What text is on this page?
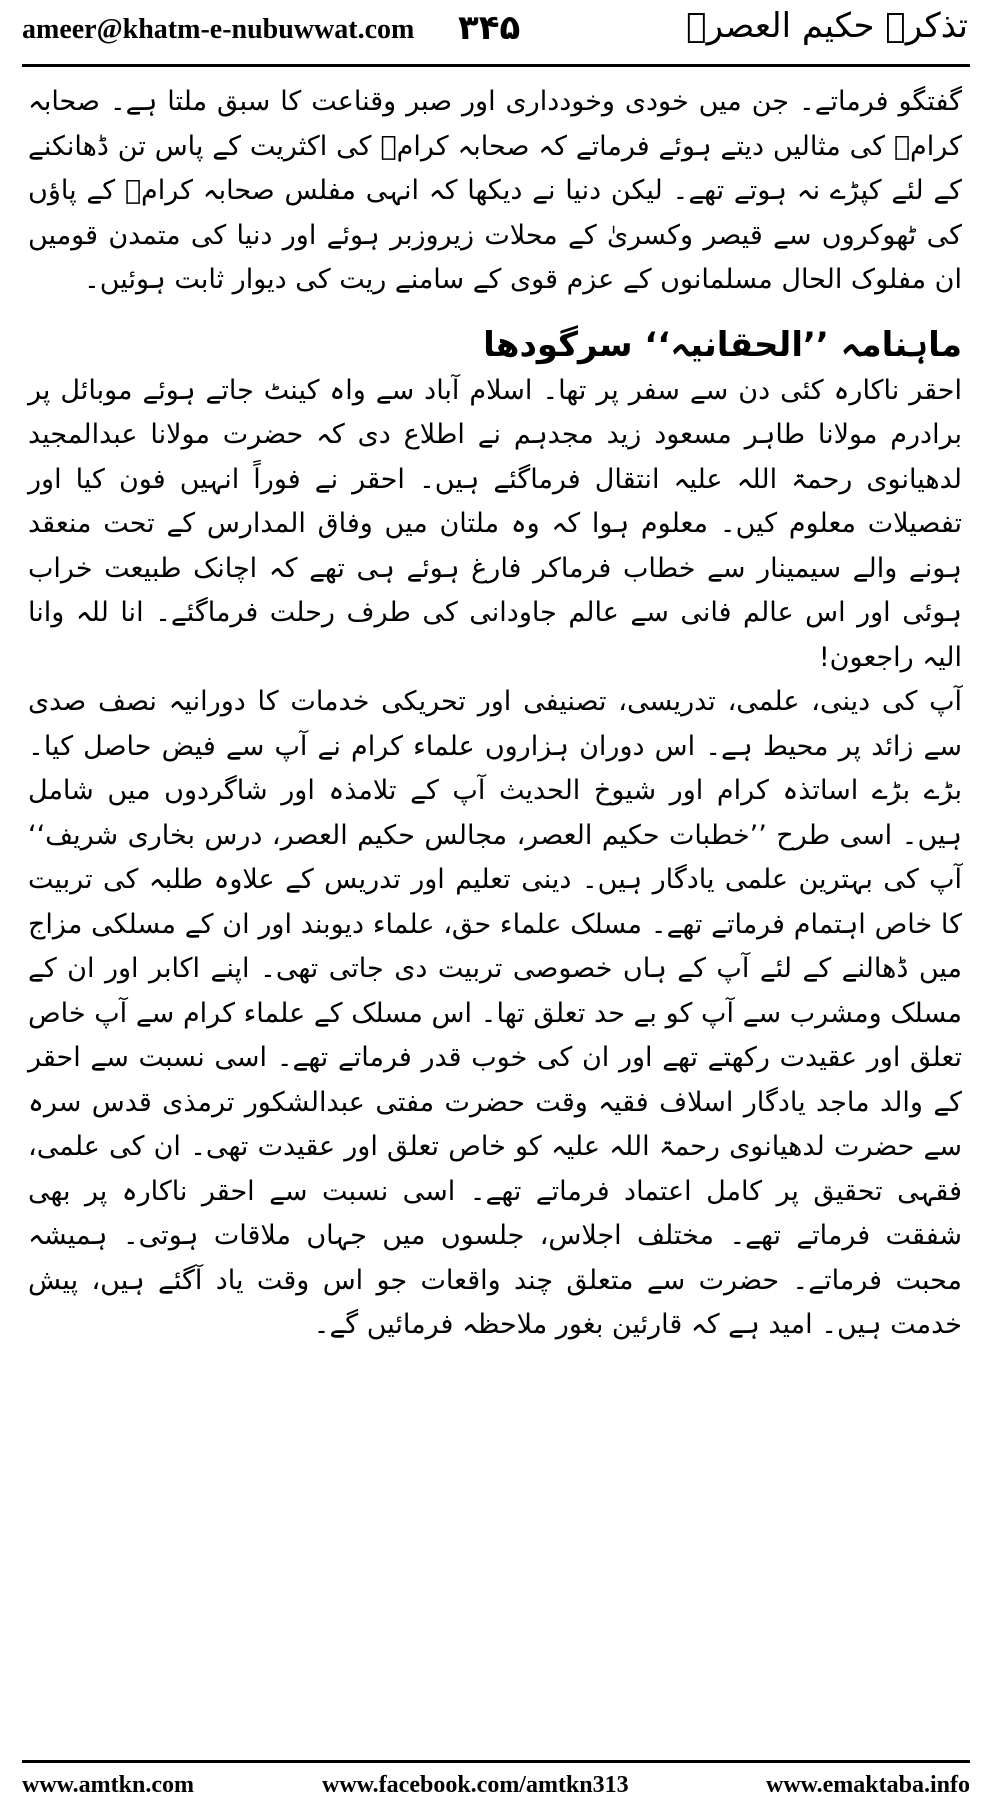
ameer@khatm-e-nubuwwat.com ۳۴۵	تذکرہ حکیم العصرؒ

گفتگو فرماتے۔ جن میں خودی وخودداری اور صبر وقناعت کا سبق ملتا ہے۔ صحابہ کرامؓ کی مثالیں دیتے ہوئے فرماتے کہ صحابہ کرامؓ کی اکثریت کے پاس تن ڈھانکنے کے لئے کپڑے نہ ہوتے تھے۔ لیکن دنیا نے دیکھا کہ انہی مفلس صحابہ کرامؓ کے پاؤں کی ٹھوکروں سے قیصر وکسریٰ کے محلات زیروزبر ہوئے اور دنیا کی متمدن قومیں ان مفلوک الحال مسلمانوں کے عزم قوی کے سامنے ریت کی دیوار ثابت ہوئیں۔

ماہنامہ ’’الحقانیہ‘‘ سرگودھا

احقر ناکارہ کئی دن سے سفر پر تھا۔ اسلام آباد سے واہ کینٹ جاتے ہوئے موبائل پر برادرم مولانا طاہر مسعود زید مجدہم نے اطلاع دی کہ حضرت مولانا عبدالمجید لدھیانوی رحمۃ اللہ علیہ انتقال فرماگئے ہیں۔ احقر نے فوراً انہیں فون کیا اور تفصیلات معلوم کیں۔ معلوم ہوا کہ وہ ملتان میں وفاق المدارس کے تحت منعقد ہونے والے سیمینار سے خطاب فرماکر فارغ ہوئے ہی تھے کہ اچانک طبیعت خراب ہوئی اور اس عالم فانی سے عالم جاودانی کی طرف رحلت فرماگئے۔ انا للہ وانا الیہ راجعون!

آپ کی دینی، علمی، تدریسی، تصنیفی اور تحریکی خدمات کا دورانیہ نصف صدی سے زائد پر محیط ہے۔ اس دوران ہزاروں علماء کرام نے آپ سے فیض حاصل کیا۔ بڑے بڑے اساتذہ کرام اور شیوخ الحدیث آپ کے تلامذہ اور شاگردوں میں شامل ہیں۔ اسی طرح ’’خطبات حکیم العصر، مجالس حکیم العصر، درس بخاری شریف‘‘ آپ کی بہترین علمی یادگار ہیں۔ دینی تعلیم اور تدریس کے علاوہ طلبہ کی تربیت کا خاص اہتمام فرماتے تھے۔ مسلک علماء حق، علماء دیوبند اور ان کے مسلکی مزاج میں ڈھالنے کے لئے آپ کے ہاں خصوصی تربیت دی جاتی تھی۔ اپنے اکابر اور ان کے مسلک ومشرب سے آپ کو بے حد تعلق تھا۔ اس مسلک کے علماء کرام سے آپ خاص تعلق اور عقیدت رکھتے تھے اور ان کی خوب قدر فرماتے تھے۔ اسی نسبت سے احقر کے والد ماجد یادگار اسلاف فقیہ وقت حضرت مفتی عبدالشکور ترمذی قدس سرہ سے حضرت لدھیانوی رحمۃ اللہ علیہ کو خاص تعلق اور عقیدت تھی۔ ان کی علمی، فقہی تحقیق پر کامل اعتماد فرماتے تھے۔ اسی نسبت سے احقر ناکارہ پر بھی شفقت فرماتے تھے۔ مختلف اجلاس، جلسوں میں جہاں ملاقات ہوتی۔ ہمیشہ محبت فرماتے۔ حضرت سے متعلق چند واقعات جو اس وقت یاد آگئے ہیں، پیش خدمت ہیں۔ امید ہے کہ قارئین بغور ملاحظہ فرمائیں گے۔

www.amtkn.com	www.facebook.com/amtkn313	www.emaktaba.info
